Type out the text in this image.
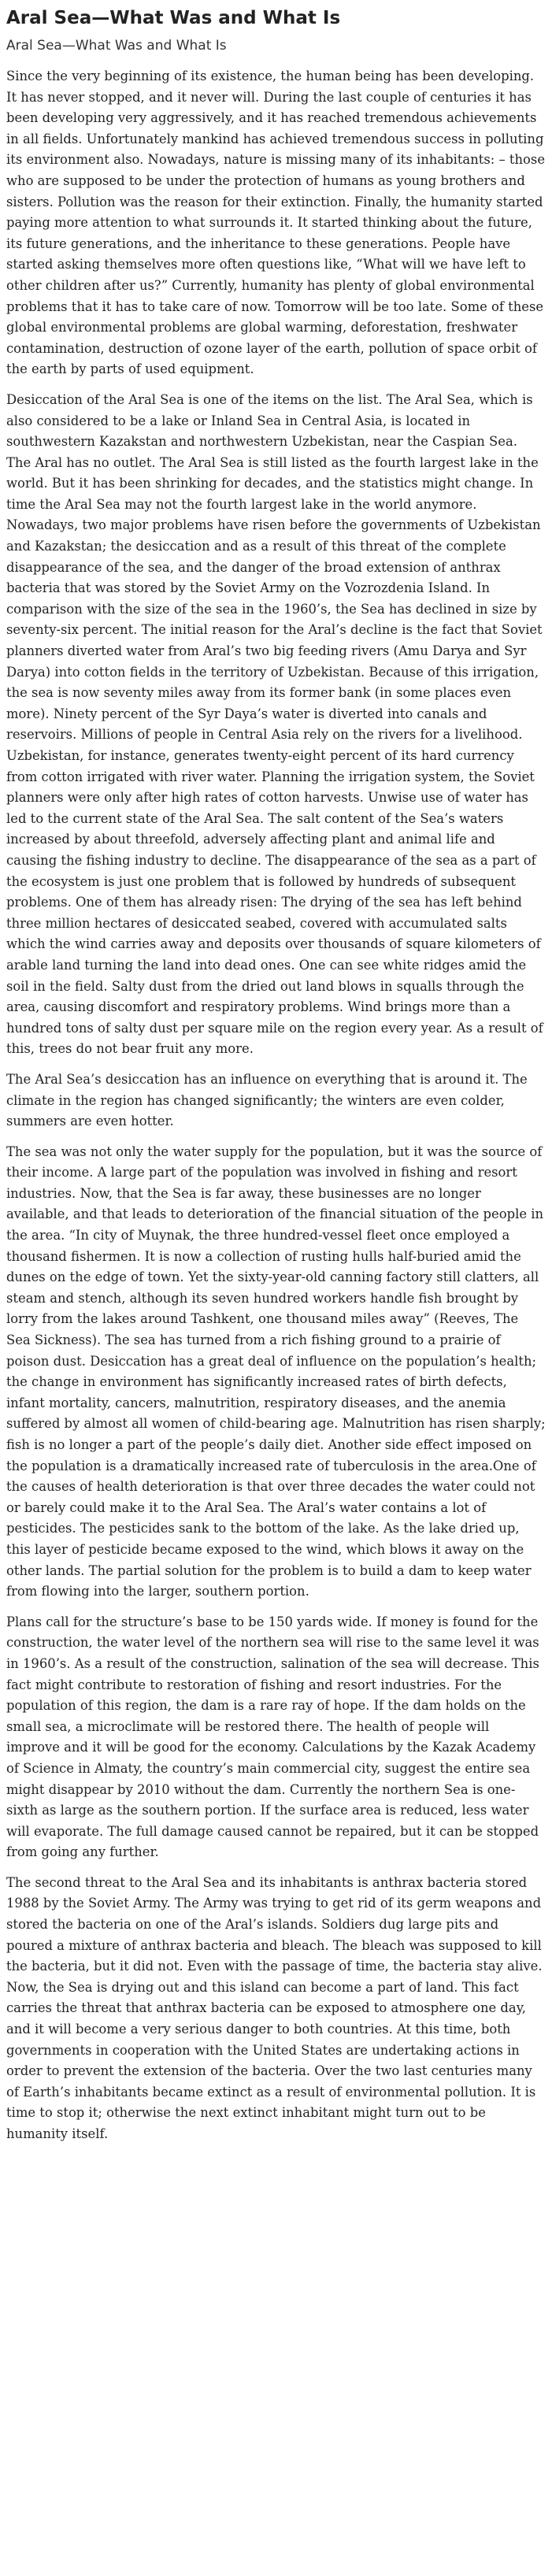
Aral Sea—What Was and What Is
Aral Sea—What Was and What Is

Since the very beginning of its existence, the human being has been developing. It has never stopped, and it never will. During the last couple of centuries it has been developing very aggressively, and it has reached tremendous achievements in all fields. Unfortunately mankind has achieved tremendous success in polluting its environment also. Nowadays, nature is missing many of its inhabitants: – those who are supposed to be under the protection of humans as young brothers and sisters. Pollution was the reason for their extinction. Finally, the humanity started paying more attention to what surrounds it. It started thinking about the future, its future generations, and the inheritance to these generations. People have started asking themselves more often questions like, “What will we have left to other children after us?” Currently, humanity has plenty of global environmental problems that it has to take care of now. Tomorrow will be too late. Some of these global environmental problems are global warming, deforestation, freshwater contamination, destruction of ozone layer of the earth, pollution of space orbit of the earth by parts of used equipment.

Desiccation of the Aral Sea is one of the items on the list. The Aral Sea, which is also considered to be a lake or Inland Sea in Central Asia, is located in southwestern Kazakstan and northwestern Uzbekistan, near the Caspian Sea. The Aral has no outlet. The Aral Sea is still listed as the fourth largest lake in the world. But it has been shrinking for decades, and the statistics might change. In time the Aral Sea may not the fourth largest lake in the world anymore. Nowadays, two major problems have risen before the governments of Uzbekistan and Kazakstan; the desiccation and as a result of this threat of the complete disappearance of the sea, and the danger of the broad extension of anthrax bacteria that was stored by the Soviet Army on the Vozrozdenia Island. In comparison with the size of the sea in the 1960’s, the Sea has declined in size by seventy-six percent. The initial reason for the Aral’s decline is the fact that Soviet planners diverted water from Aral’s two big feeding rivers (Amu Darya and Syr Darya) into cotton fields in the territory of Uzbekistan. Because of this irrigation, the sea is now seventy miles away from its former bank (in some places even more). Ninety percent of the Syr Daya’s water is diverted into canals and reservoirs. Millions of people in Central Asia rely on the rivers for a livelihood. Uzbekistan, for instance, generates twenty-eight percent of its hard currency from cotton irrigated with river water. Planning the irrigation system, the Soviet planners were only after high rates of cotton harvests. Unwise use of water has led to the current state of the Aral Sea. The salt content of the Sea’s waters increased by about threefold, adversely affecting plant and animal life and causing the fishing industry to decline. The disappearance of the sea as a part of the ecosystem is just one problem that is followed by hundreds of subsequent problems. One of them has already risen: The drying of the sea has left behind three million hectares of desiccated seabed, covered with accumulated salts which the wind carries away and deposits over thousands of square kilometers of arable land turning the land into dead ones. One can see white ridges amid the soil in the field. Salty dust from the dried out land blows in squalls through the area, causing discomfort and respiratory problems. Wind brings more than a hundred tons of salty dust per square mile on the region every year. As a result of this, trees do not bear fruit any more.

The Aral Sea’s desiccation has an influence on everything that is around it. The climate in the region has changed significantly; the winters are even colder, summers are even hotter.

The sea was not only the water supply for the population, but it was the source of their income. A large part of the population was involved in fishing and resort industries. Now, that the Sea is far away, these businesses are no longer available, and that leads to deterioration of the financial situation of the people in the area. “In city of Muynak, the three hundred-vessel fleet once employed a thousand fishermen. It is now a collection of rusting hulls half-buried amid the dunes on the edge of town. Yet the sixty-year-old canning factory still clatters, all steam and stench, although its seven hundred workers handle fish brought by lorry from the lakes around Tashkent, one thousand miles away” (Reeves, The Sea Sickness). The sea has turned from a rich fishing ground to a prairie of poison dust. Desiccation has a great deal of influence on the population’s health; the change in environment has significantly increased rates of birth defects, infant mortality, cancers, malnutrition, respiratory diseases, and the anemia suffered by almost all women of child-bearing age. Malnutrition has risen sharply; fish is no longer a part of the people’s daily diet. Another side effect imposed on the population is a dramatically increased rate of tuberculosis in the area.One of the causes of health deterioration is that over three decades the water could not or barely could make it to the Aral Sea. The Aral’s water contains a lot of pesticides. The pesticides sank to the bottom of the lake. As the lake dried up, this layer of pesticide became exposed to the wind, which blows it away on the other lands. The partial solution for the problem is to build a dam to keep water from flowing into the larger, southern portion.

Plans call for the structure’s base to be 150 yards wide. If money is found for the construction, the water level of the northern sea will rise to the same level it was in 1960’s. As a result of the construction, salination of the sea will decrease. This fact might contribute to restoration of fishing and resort industries. For the population of this region, the dam is a rare ray of hope. If the dam holds on the small sea, a microclimate will be restored there. The health of people will improve and it will be good for the economy. Calculations by the Kazak Academy of Science in Almaty, the country’s main commercial city, suggest the entire sea might disappear by 2010 without the dam. Currently the northern Sea is one-sixth as large as the southern portion. If the surface area is reduced, less water will evaporate. The full damage caused cannot be repaired, but it can be stopped from going any further.

The second threat to the Aral Sea and its inhabitants is anthrax bacteria stored 1988 by the Soviet Army. The Army was trying to get rid of its germ weapons and stored the bacteria on one of the Aral’s islands. Soldiers dug large pits and poured a mixture of anthrax bacteria and bleach. The bleach was supposed to kill the bacteria, but it did not. Even with the passage of time, the bacteria stay alive. Now, the Sea is drying out and this island can become a part of land. This fact carries the threat that anthrax bacteria can be exposed to atmosphere one day, and it will become a very serious danger to both countries. At this time, both governments in cooperation with the United States are undertaking actions in order to prevent the extension of the bacteria. Over the two last centuries many of Earth’s inhabitants became extinct as a result of environmental pollution. It is time to stop it; otherwise the next extinct inhabitant might turn out to be humanity itself.
